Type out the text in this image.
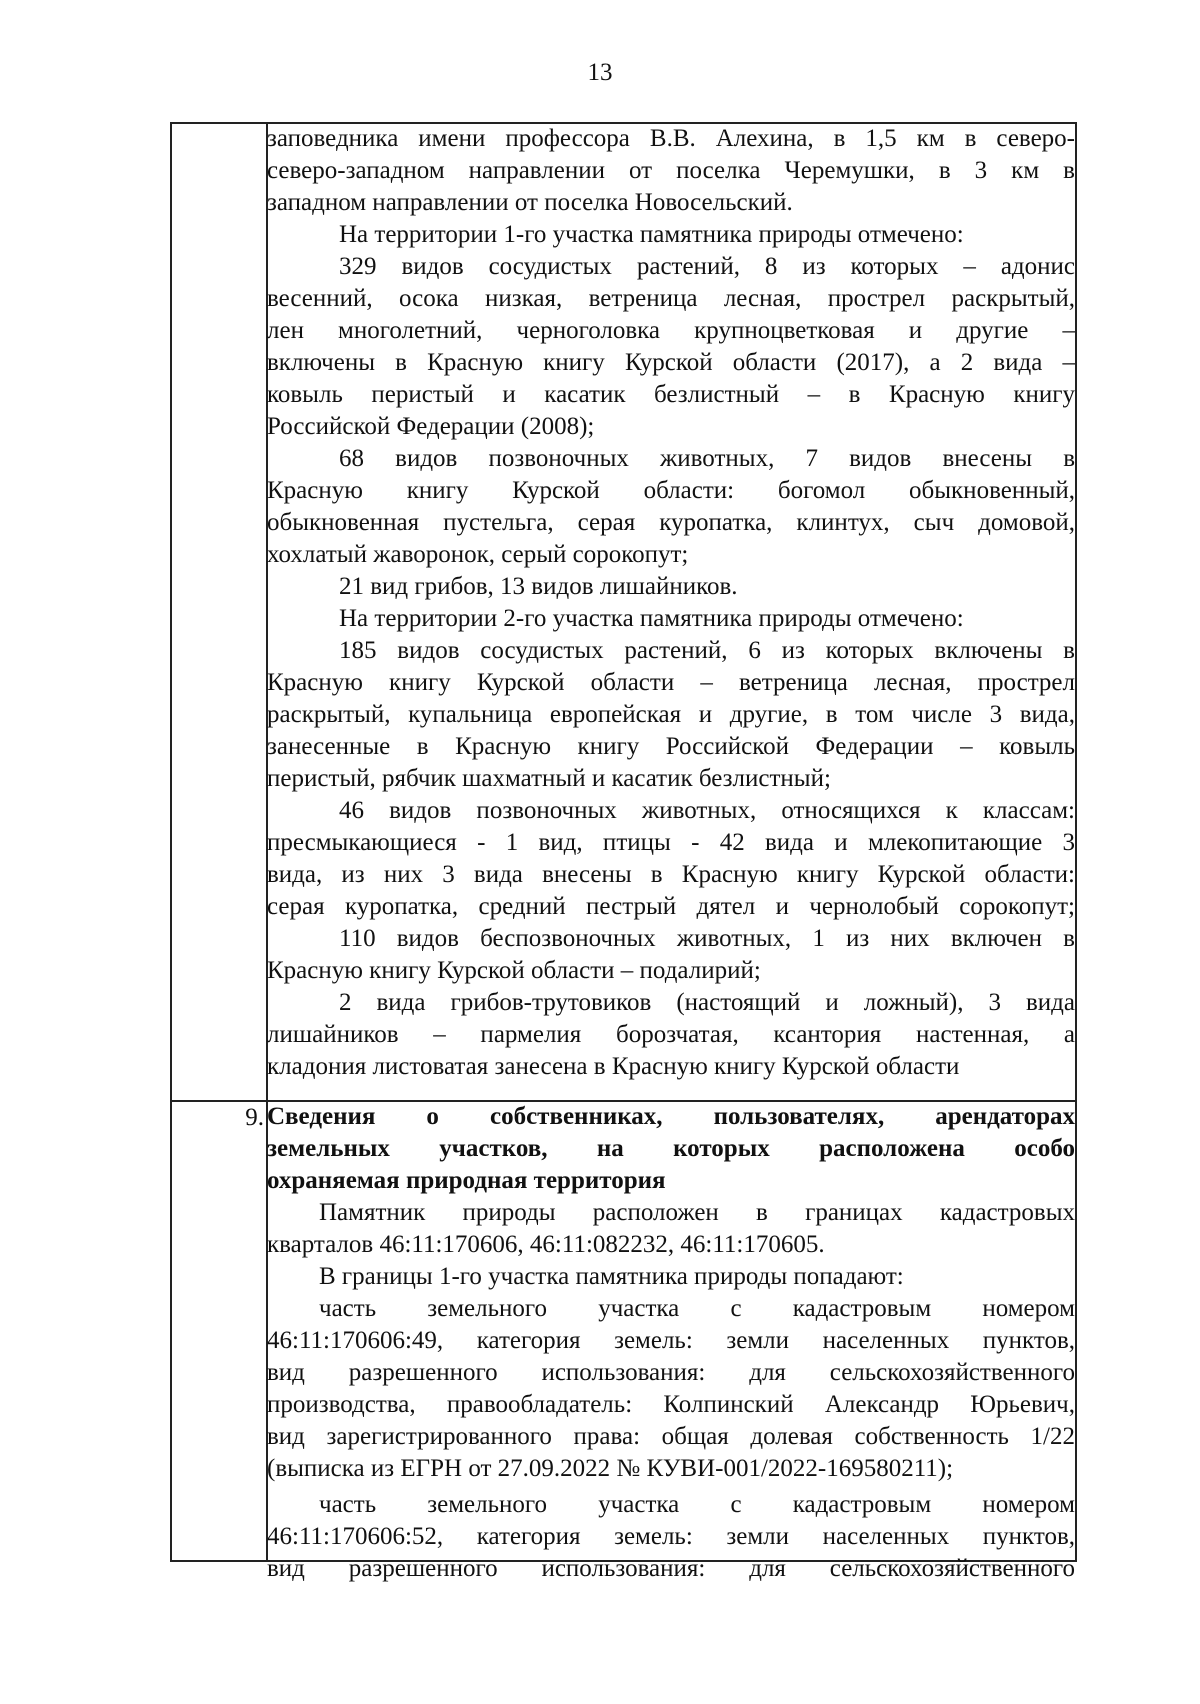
13
9.
заповедника имени профессора В.В. Алехина, в 1,5 км в северо-
северо-западном направлении от поселка Черемушки, в 3 км в
западном направлении от поселка Новосельский.
На территории 1-го участка памятника природы отмечено:
329 видов сосудистых растений, 8 из которых – адонис
весенний, осока низкая, ветреница лесная, прострел раскрытый,
лен многолетний, черноголовка крупноцветковая и другие –
включены в Красную книгу Курской области (2017), а 2 вида –
ковыль перистый и касатик безлистный – в Красную книгу
Российской Федерации (2008);
68 видов позвоночных животных, 7 видов внесены в
Красную книгу Курской области: богомол обыкновенный,
обыкновенная пустельга, серая куропатка, клинтух, сыч домовой,
хохлатый жаворонок, серый сорокопут;
21 вид грибов, 13 видов лишайников.
На территории 2-го участка памятника природы отмечено:
185 видов сосудистых растений, 6 из которых включены в
Красную книгу Курской области – ветреница лесная, прострел
раскрытый, купальница европейская и другие, в том числе 3 вида,
занесенные в Красную книгу Российской Федерации – ковыль
перистый, рябчик шахматный и касатик безлистный;
46 видов позвоночных животных, относящихся к классам:
пресмыкающиеся - 1 вид, птицы - 42 вида и млекопитающие 3
вида, из них 3 вида внесены в Красную книгу Курской области:
серая куропатка, средний пестрый дятел и чернолобый сорокопут;
110 видов беспозвоночных животных, 1 из них включен в
Красную книгу Курской области – подалирий;
2 вида грибов-трутовиков (настоящий и ложный), 3 вида
лишайников – пармелия борозчатая, ксантория настенная, а
кладония листоватая занесена в Красную книгу Курской области
Сведения о собственниках, пользователях, арендаторах
земельных участков, на которых расположена особо
охраняемая природная территория
Памятник природы расположен в границах кадастровых
кварталов 46:11:170606, 46:11:082232, 46:11:170605.
В границы 1-го участка памятника природы попадают:
часть земельного участка с кадастровым номером
46:11:170606:49, категория земель: земли населенных пунктов,
вид разрешенного использования: для сельскохозяйственного
производства, правообладатель: Колпинский Александр Юрьевич,
вид зарегистрированного права: общая долевая собственность 1/22
(выписка из ЕГРН от 27.09.2022 № КУВИ-001/2022-169580211);
часть земельного участка с кадастровым номером
46:11:170606:52, категория земель: земли населенных пунктов,
вид разрешенного использования: для сельскохозяйственного
